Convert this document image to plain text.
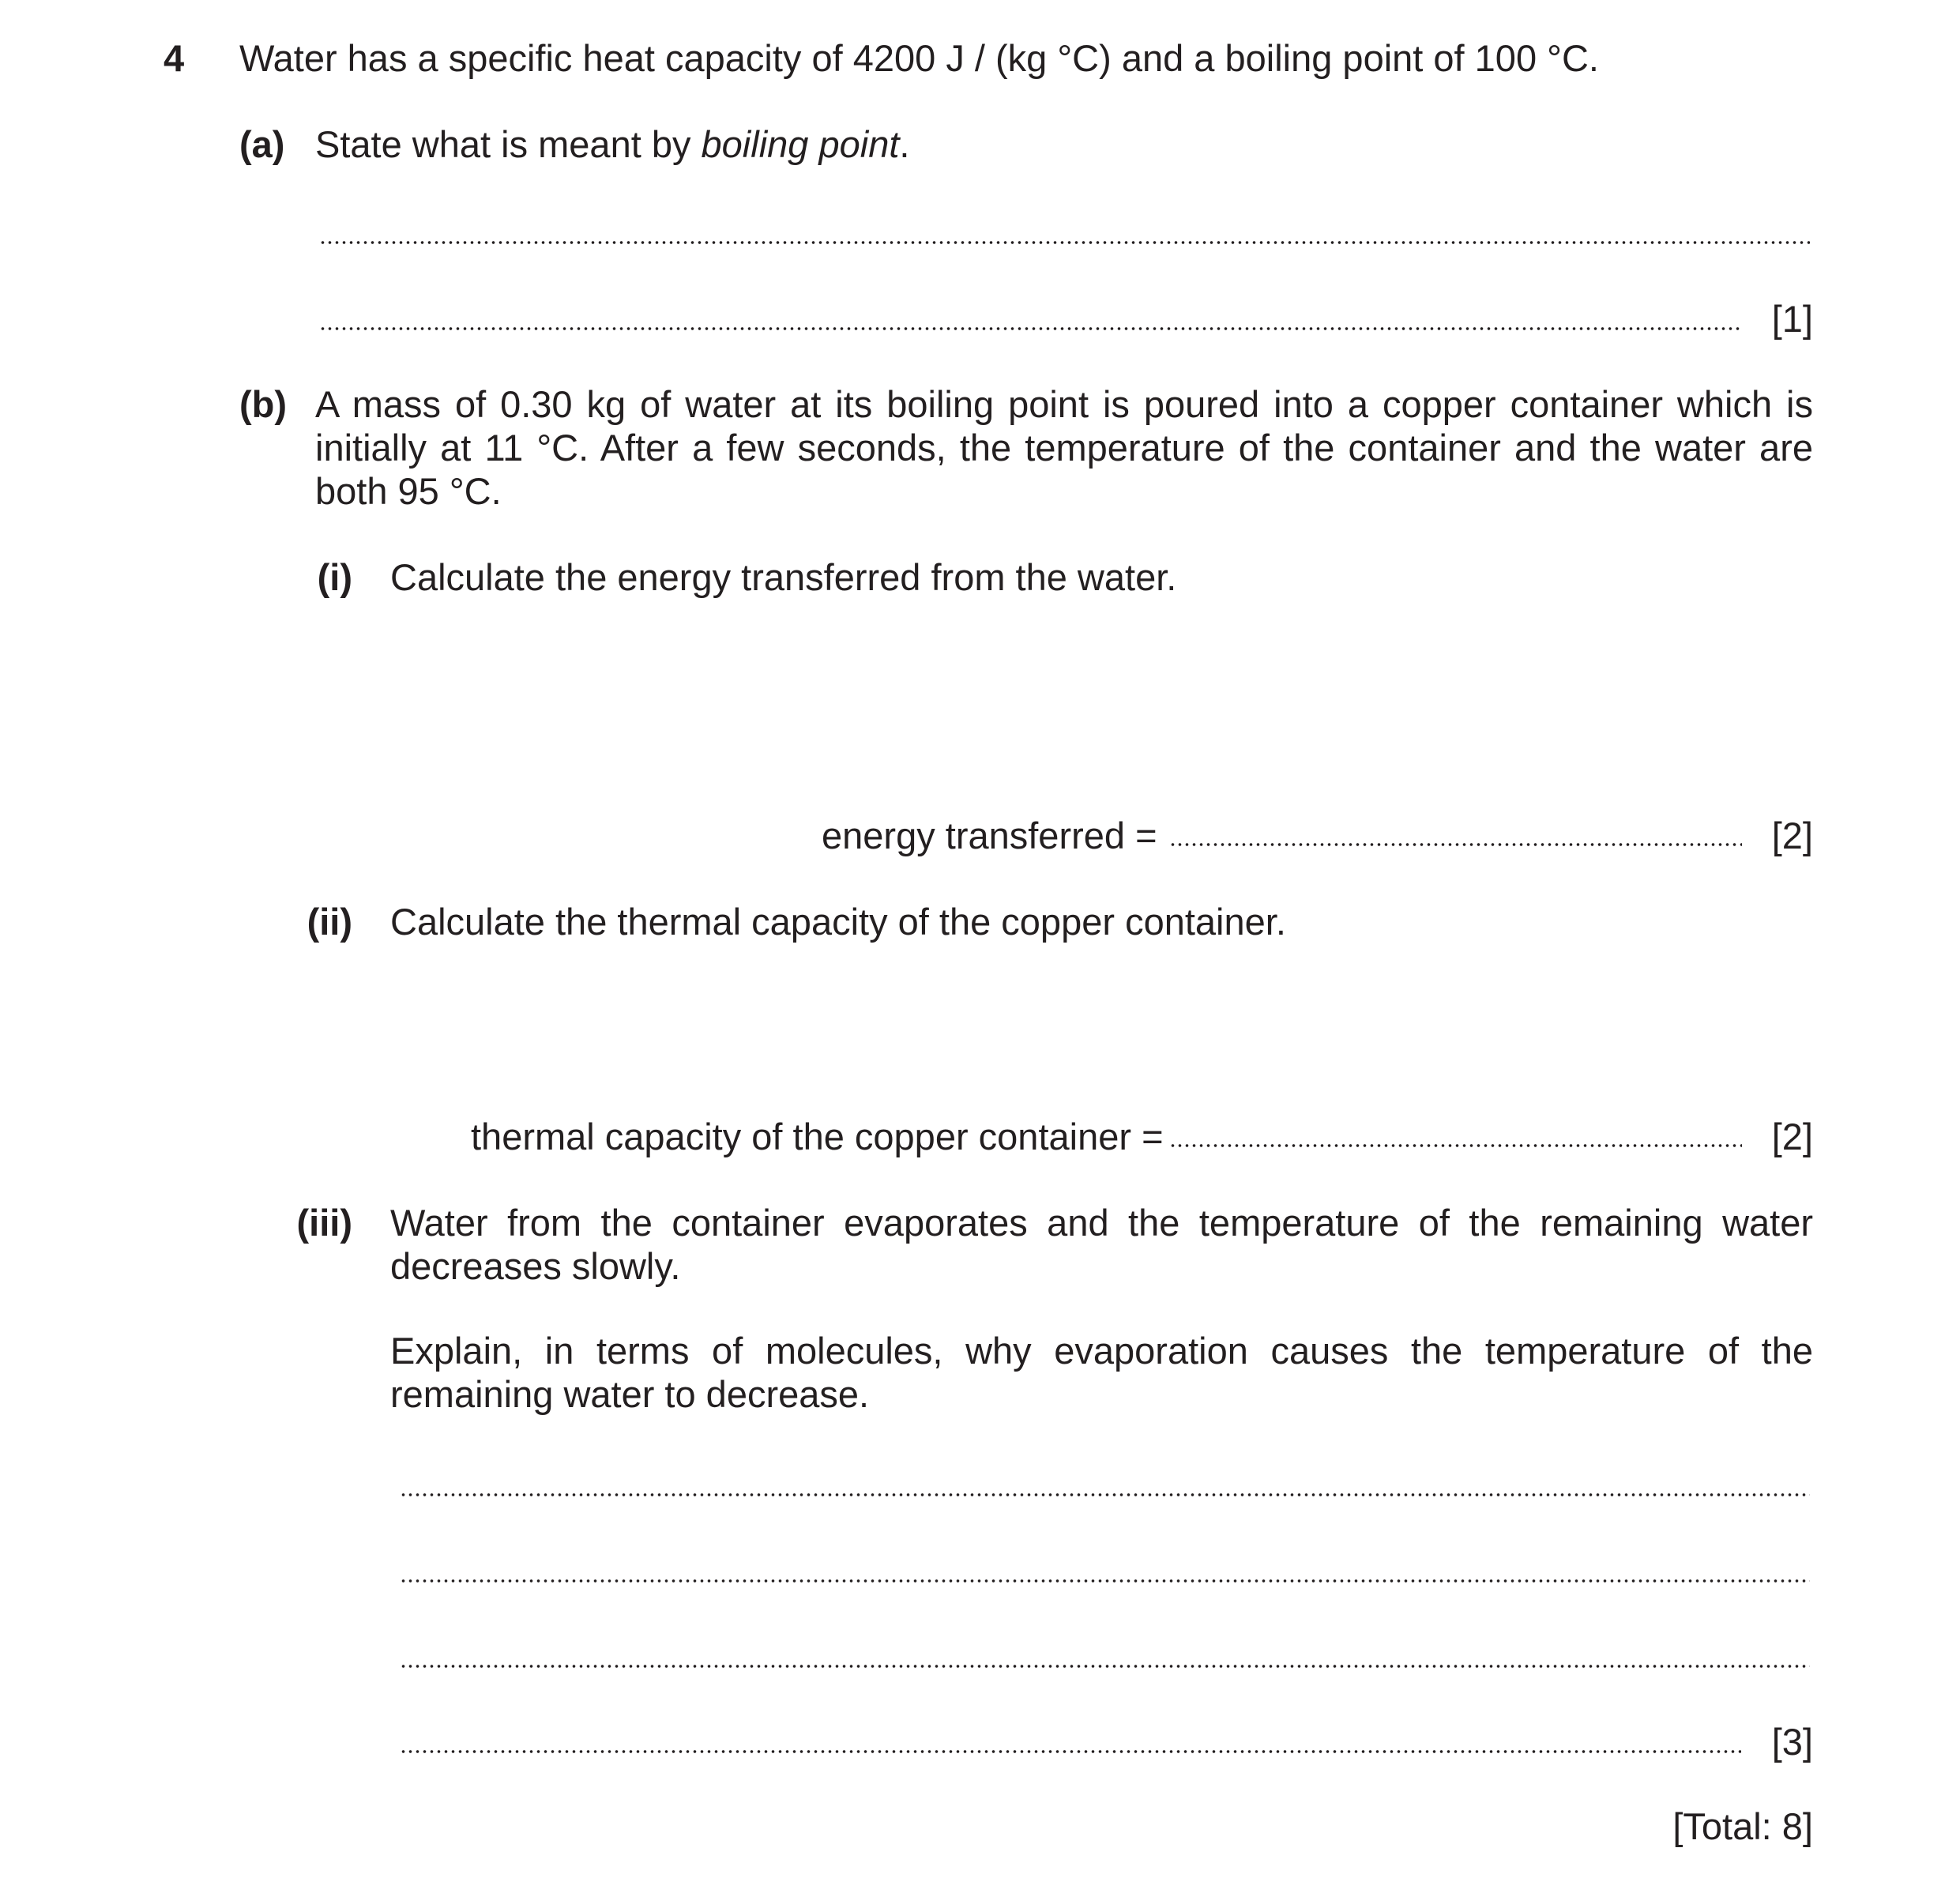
4 Water has a specific heat capacity of 4200 J / (kg °C) and a boiling point of 100 °C.
(a) State what is meant by boiling point.
[1]
(b) A mass of 0.30 kg of water at its boiling point is poured into a copper container which is initially at 11 °C. After a few seconds, the temperature of the container and the water are both 95 °C.
(i) Calculate the energy transferred from the water.
energy transferred =	[2]
(ii) Calculate the thermal capacity of the copper container.
thermal capacity of the copper container =	[2]
(iii) Water from the container evaporates and the temperature of the remaining water decreases slowly.
Explain, in terms of molecules, why evaporation causes the temperature of the remaining water to decrease.
[3]
[Total: 8]
